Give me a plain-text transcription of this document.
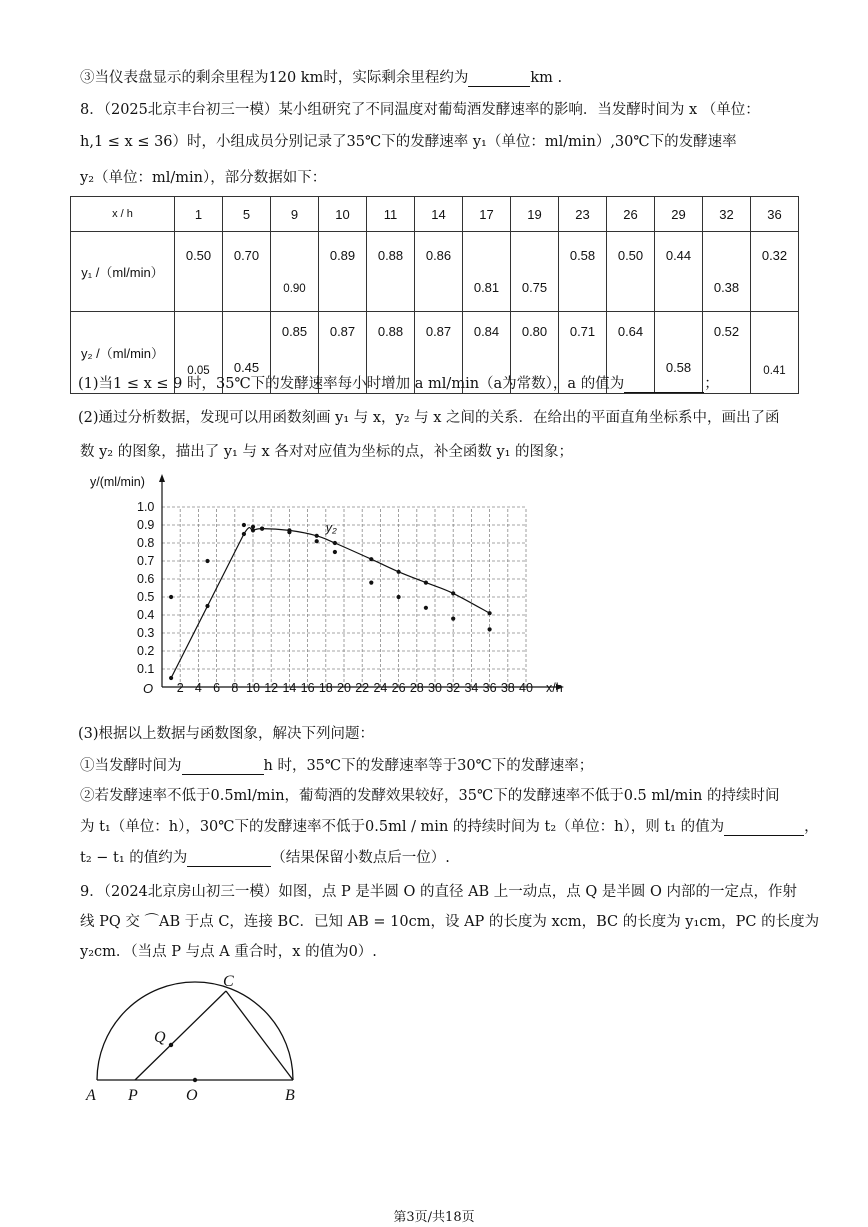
③当仪表盘显示的剩余里程为120 km时，实际剩余里程约为	km .
8．（2025北京丰台初三一模）某小组研究了不同温度对葡萄酒发酵速率的影响．当发酵时间为 x （单位：
h,1 ≤ x ≤ 36）时，小组成员分别记录了35℃下的发酵速率 y₁（单位：ml/min）,30℃下的发酵速率
y₂（单位：ml/min），部分数据如下：
x / h	1	5	9	10	11	14	17	19	23	26	29	32	36
y₁ /（ml/min）	0.50	0.70	0.90	0.89	0.88	0.86	0.81	0.75	0.58	0.50	0.44	0.38	0.32
y₂ /（ml/min）	0.05	0.45	0.85	0.87	0.88	0.87	0.84	0.80	0.71	0.64	0.58	0.52	0.41
(1)当1 ≤ x ≤ 9 时，35℃下的发酵速率每小时增加 a ml/min（a为常数），a 的值为	；
(2)通过分析数据，发现可以用函数刻画 y₁ 与 x，y₂ 与 x 之间的关系．在给出的平面直角坐标系中，画出了函
数 y₂ 的图象，描出了 y₁ 与 x 各对对应值为坐标的点，补全函数 y₁ 的图象；
y/(ml/min)
x/h
O
0.1
0.2
0.3
0.4
0.5
0.6
0.7
0.8
0.9
1.0
2 4 6 8 10 12 14 16 18 20 22 24 26 28 30 32 34 36 38 40
y₂
(3)根据以上数据与函数图象，解决下列问题：
①当发酵时间为	h 时，35℃下的发酵速率等于30℃下的发酵速率；
②若发酵速率不低于0.5ml/min，葡萄酒的发酵效果较好，35℃下的发酵速率不低于0.5 ml/min 的持续时间
为 t₁（单位：h），30℃下的发酵速率不低于0.5ml / min 的持续时间为 t₂（单位：h），则 t₁ 的值为	，
t₂ − t₁ 的值约为	（结果保留小数点后一位）.
9．（2024北京房山初三一模）如图，点 P 是半圆 O 的直径 AB 上一动点，点 Q 是半圆 O 内部的一定点，作射
线 PQ 交 ⌒AB 于点 C，连接 BC．已知 AB = 10cm，设 AP 的长度为 xcm，BC 的长度为 y₁cm，PC 的长度为
y₂cm．（当点 P 与点 A 重合时，x 的值为0）.
A P	O	B
C
Q
第3页/共18页
